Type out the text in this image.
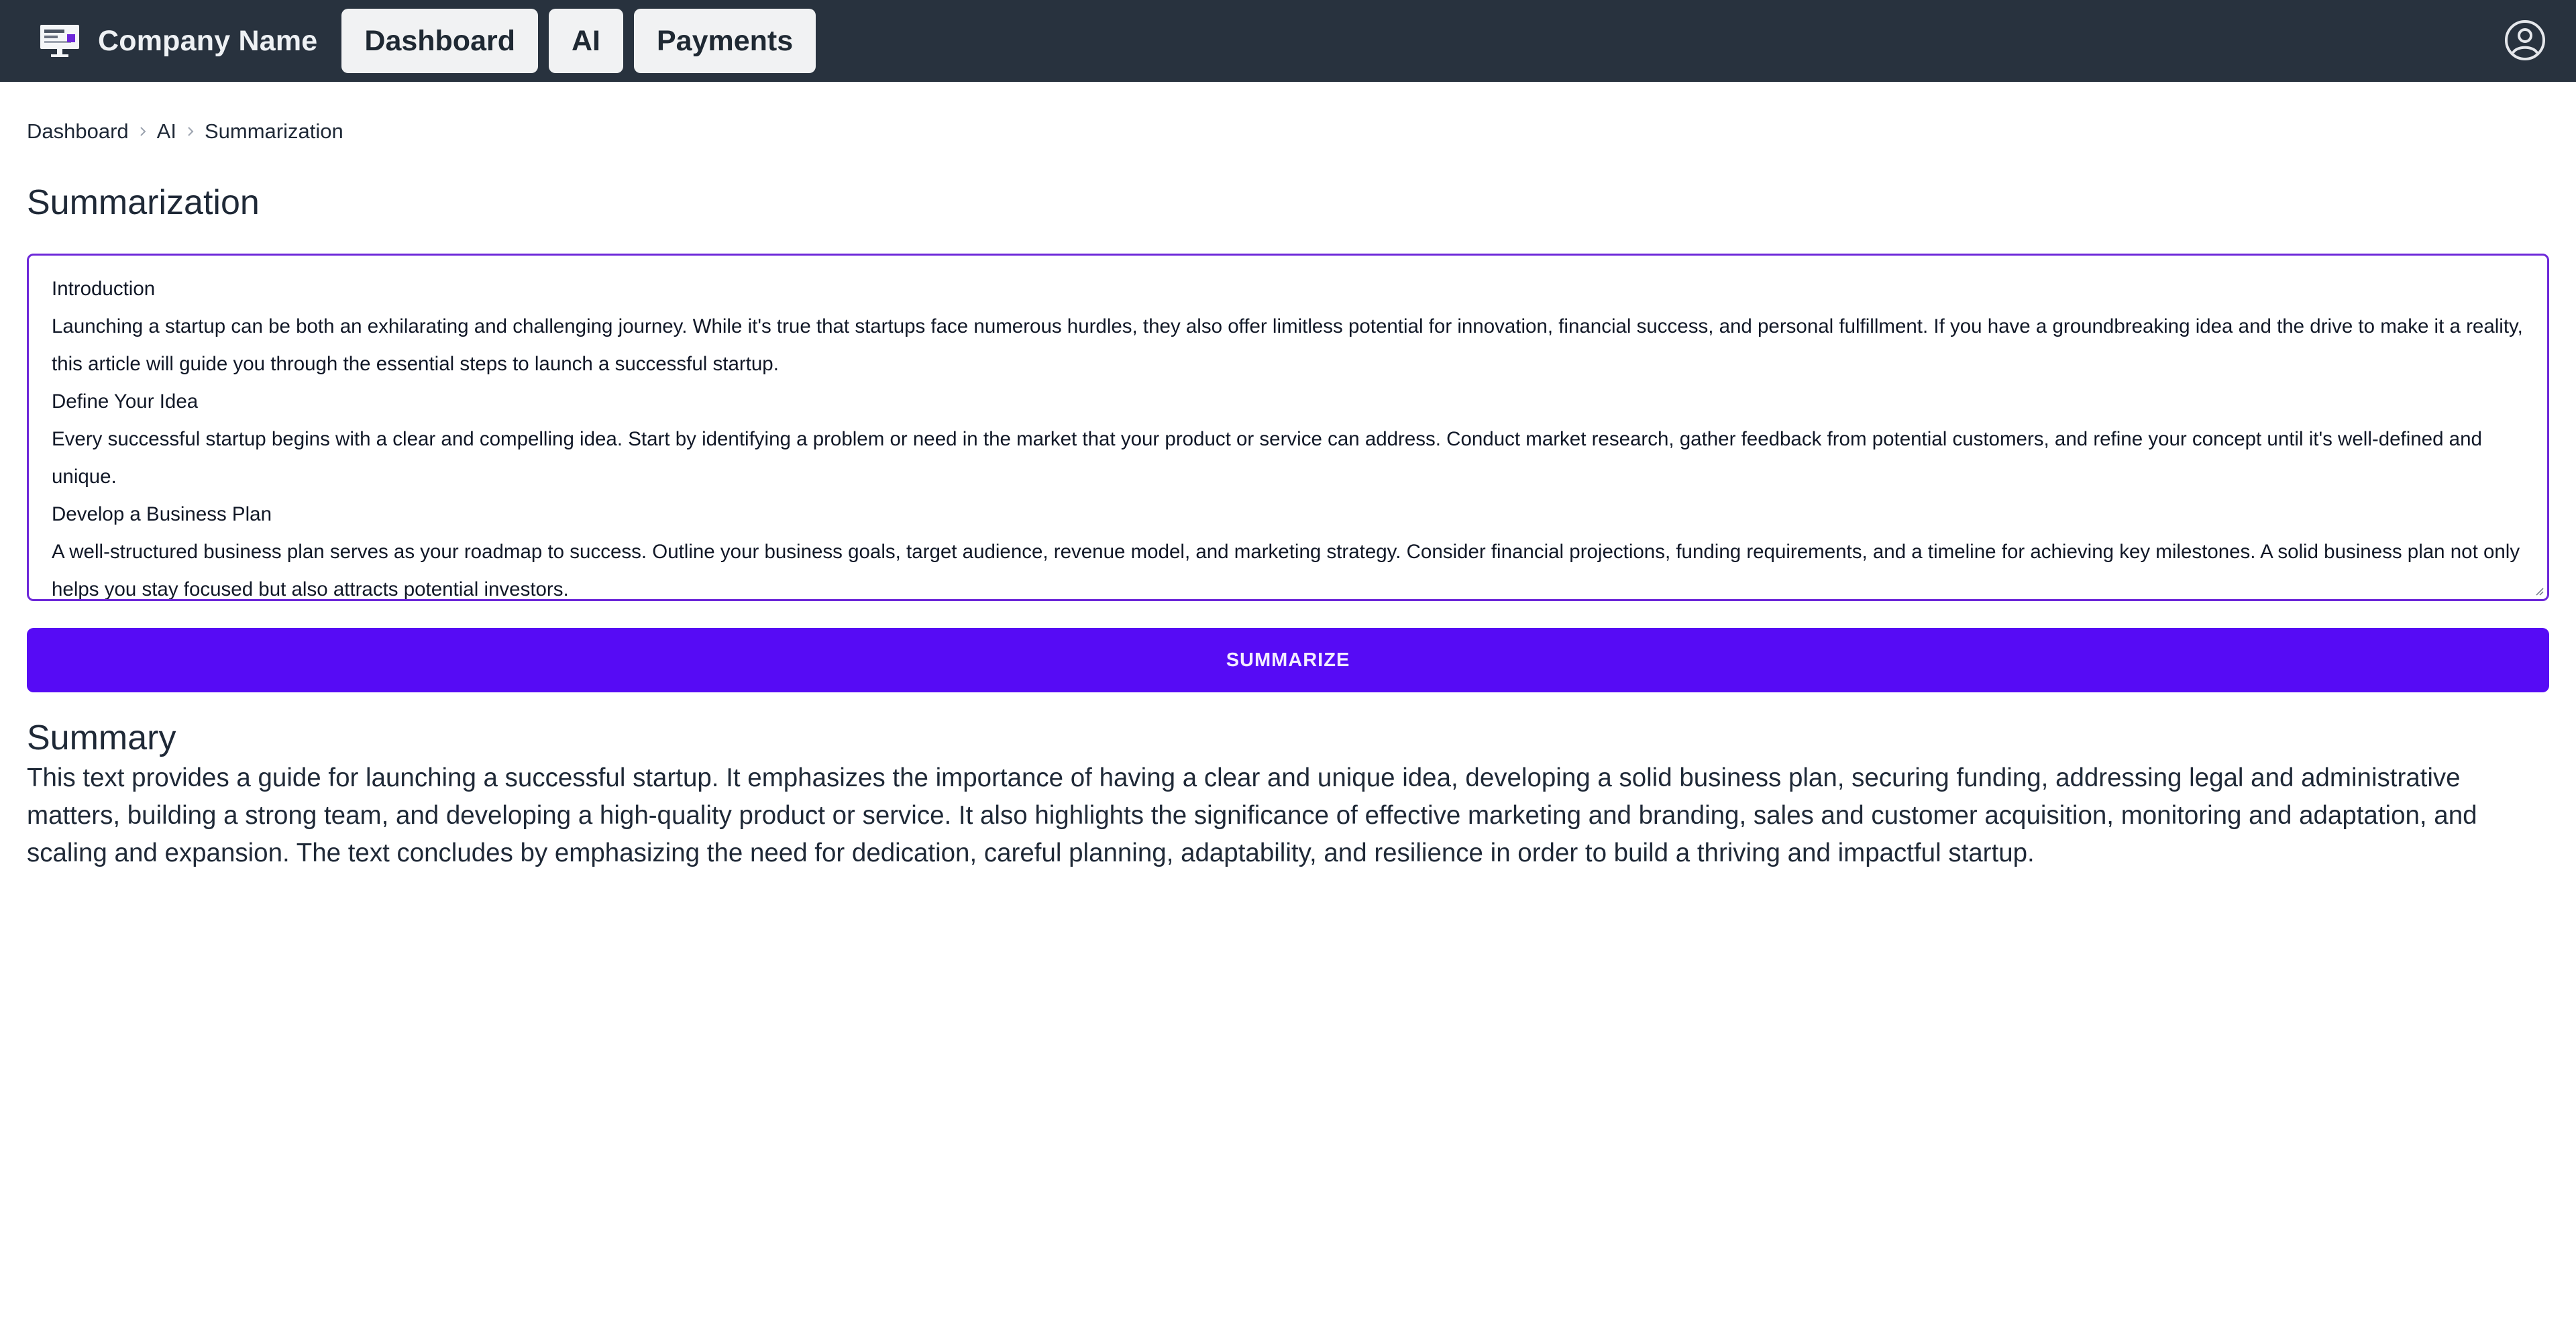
Company Name	Dashboard	AI	Payments
Dashboard AI Summarization
Summarization

Introduction

Launching a startup can be both an exhilarating and challenging journey. While it's true that startups face numerous hurdles, they also offer limitless potential for innovation, financial success, and personal fulfillment. If you have a groundbreaking idea and the drive to make it a reality, this article will guide you through the essential steps to launch a successful startup.

Define Your Idea

Every successful startup begins with a clear and compelling idea. Start by identifying a problem or need in the market that your product or service can address. Conduct market research, gather feedback from potential customers, and refine your concept until it's well-defined and unique.

Develop a Business Plan

A well-structured business plan serves as your roadmap to success. Outline your business goals, target audience, revenue model, and marketing strategy. Consider financial projections, funding requirements, and a timeline for achieving key milestones. A solid business plan not only helps you stay focused but also attracts potential investors.

SUMMARIZE
Summary

This text provides a guide for launching a successful startup. It emphasizes the importance of having a clear and unique idea, developing a solid business plan, securing funding, addressing legal and administrative matters, building a strong team, and developing a high-quality product or service. It also highlights the significance of effective marketing and branding, sales and customer acquisition, monitoring and adaptation, and scaling and expansion. The text concludes by emphasizing the need for dedication, careful planning, adaptability, and resilience in order to build a thriving and impactful startup.
